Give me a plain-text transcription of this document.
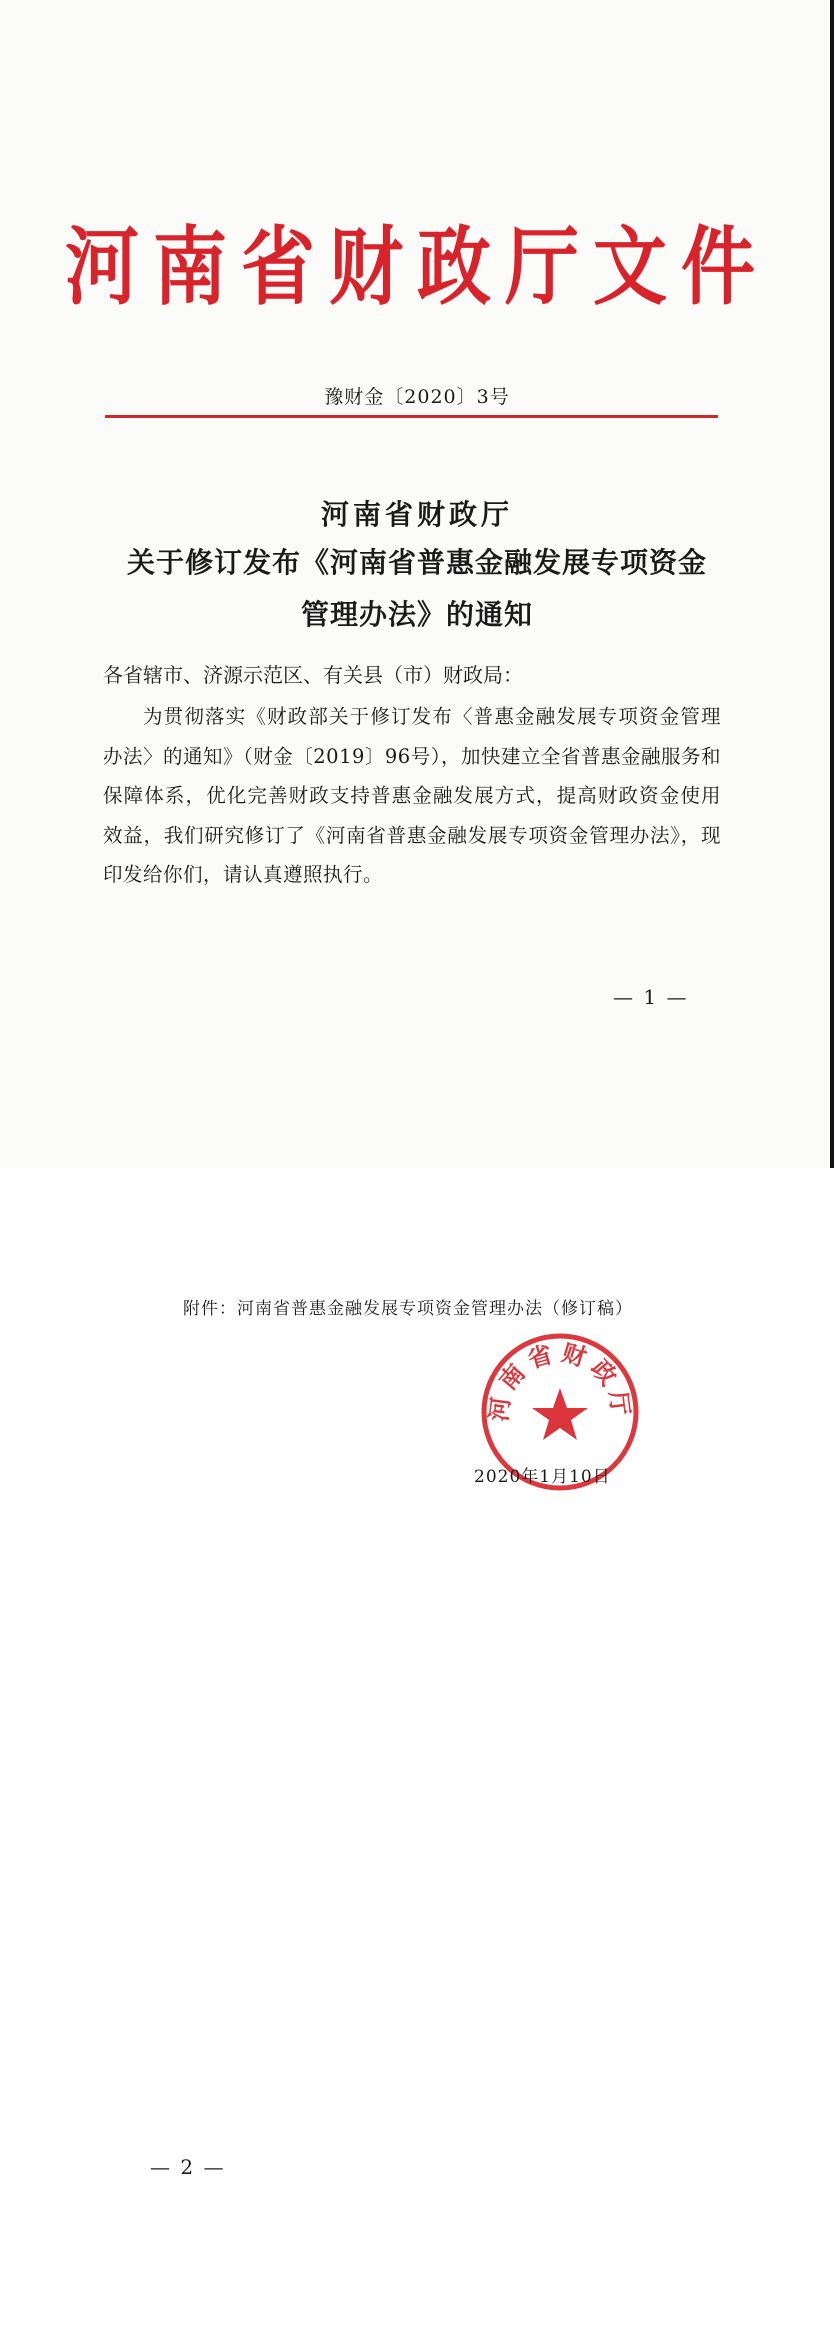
河南省财政厅文件
豫财金〔2020〕3号
河南省财政厅
关于修订发布《河南省普惠金融发展专项资金
管理办法》的通知
各省辖市、济源示范区、有关县（市）财政局：
为贯彻落实《财政部关于修订发布〈普惠金融发展专项资金管理办法〉的通知》（财金〔2019〕96号），加快建立全省普惠金融服务和保障体系，优化完善财政支持普惠金融发展方式，提高财政资金使用效益，我们研究修订了《河南省普惠金融发展专项资金管理办法》，现印发给你们，请认真遵照执行。
— 1 —
附件：河南省普惠金融发展专项资金管理办法（修订稿）
河南省财政厅
2020年1月10日
— 2 —
